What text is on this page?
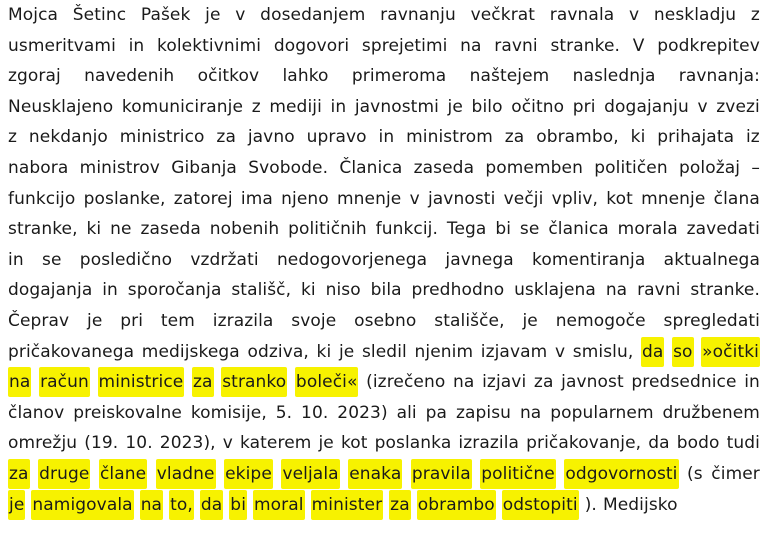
Mojca Šetinc Pašek je v dosedanjem ravnanju večkrat ravnala v neskladju z
usmeritvami in kolektivnimi dogovori sprejetimi na ravni stranke. V podkrepitev
zgoraj navedenih očitkov lahko primeroma naštejem naslednja ravnanja:
Neusklajeno komuniciranje z mediji in javnostmi je bilo očitno pri dogajanju v zvezi
z nekdanjo ministrico za javno upravo in ministrom za obrambo, ki prihajata iz
nabora ministrov Gibanja Svobode. Članica zaseda pomemben političen položaj –
funkcijo poslanke, zatorej ima njeno mnenje v javnosti večji vpliv, kot mnenje člana
stranke, ki ne zaseda nobenih političnih funkcij. Tega bi se članica morala zavedati
in se posledično vzdržati nedogovorjenega javnega komentiranja aktualnega
dogajanja in sporočanja stališč, ki niso bila predhodno usklajena na ravni stranke.
Čeprav je pri tem izrazila svoje osebno stališče, je nemogoče spregledati
pričakovanega medijskega odziva, ki je sledil njenim izjavam v smislu, da so »očitki
na račun ministrice za stranko boleči« (izrečeno na izjavi za javnost predsednice in
članov preiskovalne komisije, 5. 10. 2023) ali pa zapisu na popularnem družbenem
omrežju (19. 10. 2023), v katerem je kot poslanka izrazila pričakovanje, da bodo tudi
za druge člane vladne ekipe veljala enaka pravila politične odgovornosti (s čimer
je namigovala na to, da bi moral minister za obrambo odstopiti ). Medijsko
